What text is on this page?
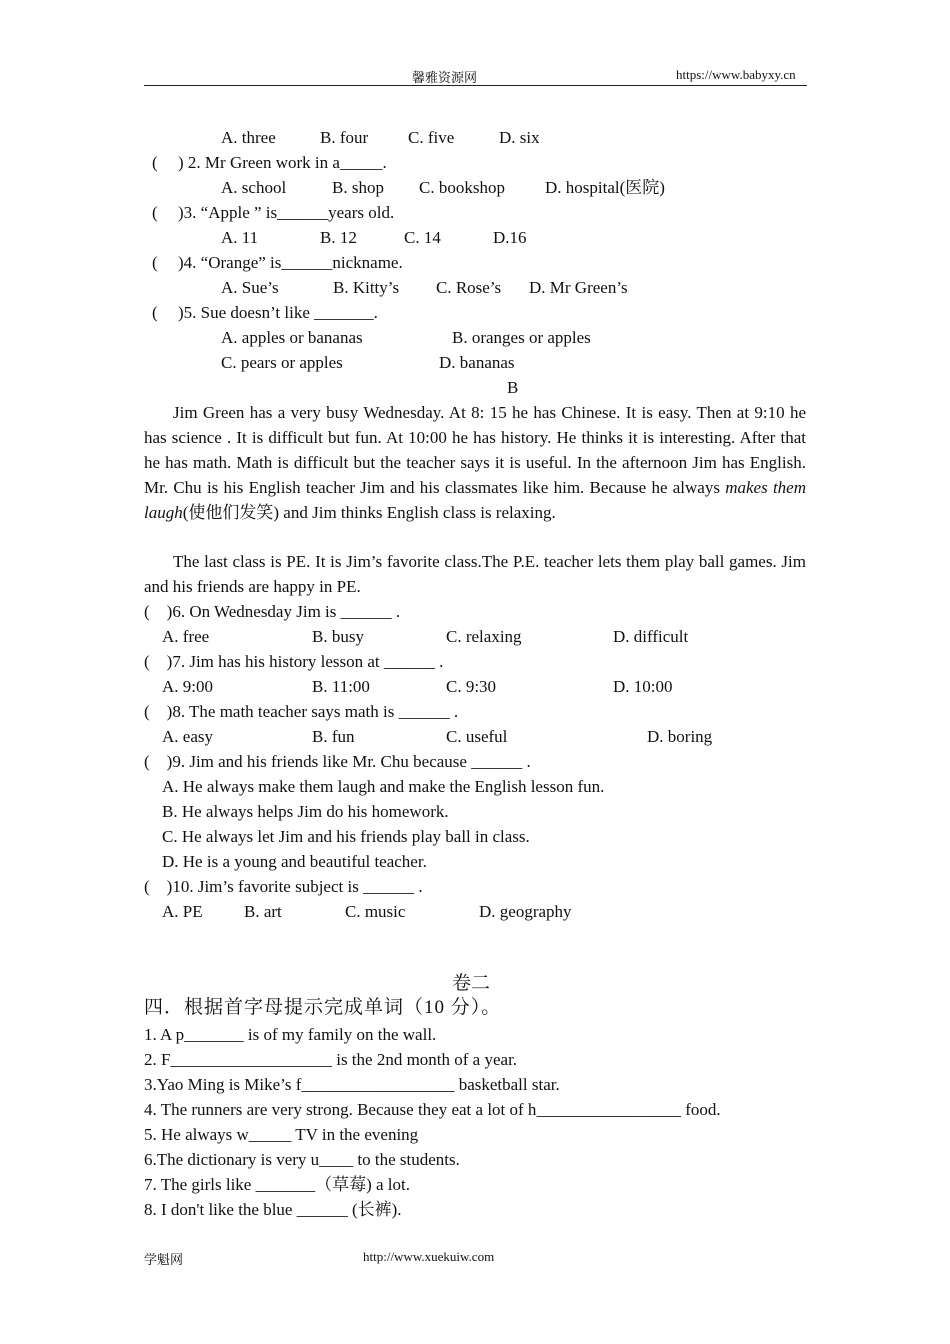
馨雅资源网	https://www.babyxy.cn
A. three	B. four C. five	D. six
( ) 2. Mr Green work in a_____.
A. school	B. shop C. bookshop D. hospital(医院)
( )3. “Apple ” is______years old.
A. 11	B. 12	C. 14	D.16
( )4. “Orange” is______nickname.
A. Sue’s	B. Kitty’s C. Rose’s D. Mr Green’s
( )5. Sue doesn’t like _______.
A. apples or bananas	B. oranges or apples
C. pears or apples	D. bananas
B
Jim Green has a very busy Wednesday. At 8: 15 he has Chinese. It is easy. Then at 9:10 he has science . It is difficult but fun. At 10:00 he has history. He thinks it is interesting. After that he has math. Math is difficult but the teacher says it is useful. In the afternoon Jim has English. Mr. Chu is his English teacher Jim and his classmates like him. Because he always makes them laugh(使他们发笑) and Jim thinks English class is relaxing.
The last class is PE. It is Jim’s favorite class.The P.E. teacher lets them play ball games. Jim and his friends are happy in PE.
(    )6. On Wednesday Jim is ______ .
A. free	B. busy	C. relaxing	D. difficult
(    )7. Jim has his history lesson at ______ .
A. 9:00	B. 11:00	C. 9:30	D. 10:00
(    )8. The math teacher says math is ______ .
A. easy	B. fun	C. useful	D. boring
(    )9. Jim and his friends like Mr. Chu because ______ .
A. He always make them laugh and make the English lesson fun.
B. He always helps Jim do his homework.
C. He always let Jim and his friends play ball in class.
D. He is a young and beautiful teacher.
(    )10. Jim’s favorite subject is ______ .
A. PE B. art	C. music	D. geography
卷二
四．根据首字母提示完成单词（10 分）。
1. A p_______ is of my family on the wall.
2. F___________________ is the 2nd month of a year.
3.Yao Ming is Mike’s f__________________ basketball star.
4. The runners are very strong. Because they eat a lot of h_________________ food.
5. He always w_____ TV in the evening
6.The dictionary is very u____ to the students.
7. The girls like _______（草莓) a lot.
8. I don't like the blue ______ (长裤).
学魁网	http://www.xuekuiw.com
